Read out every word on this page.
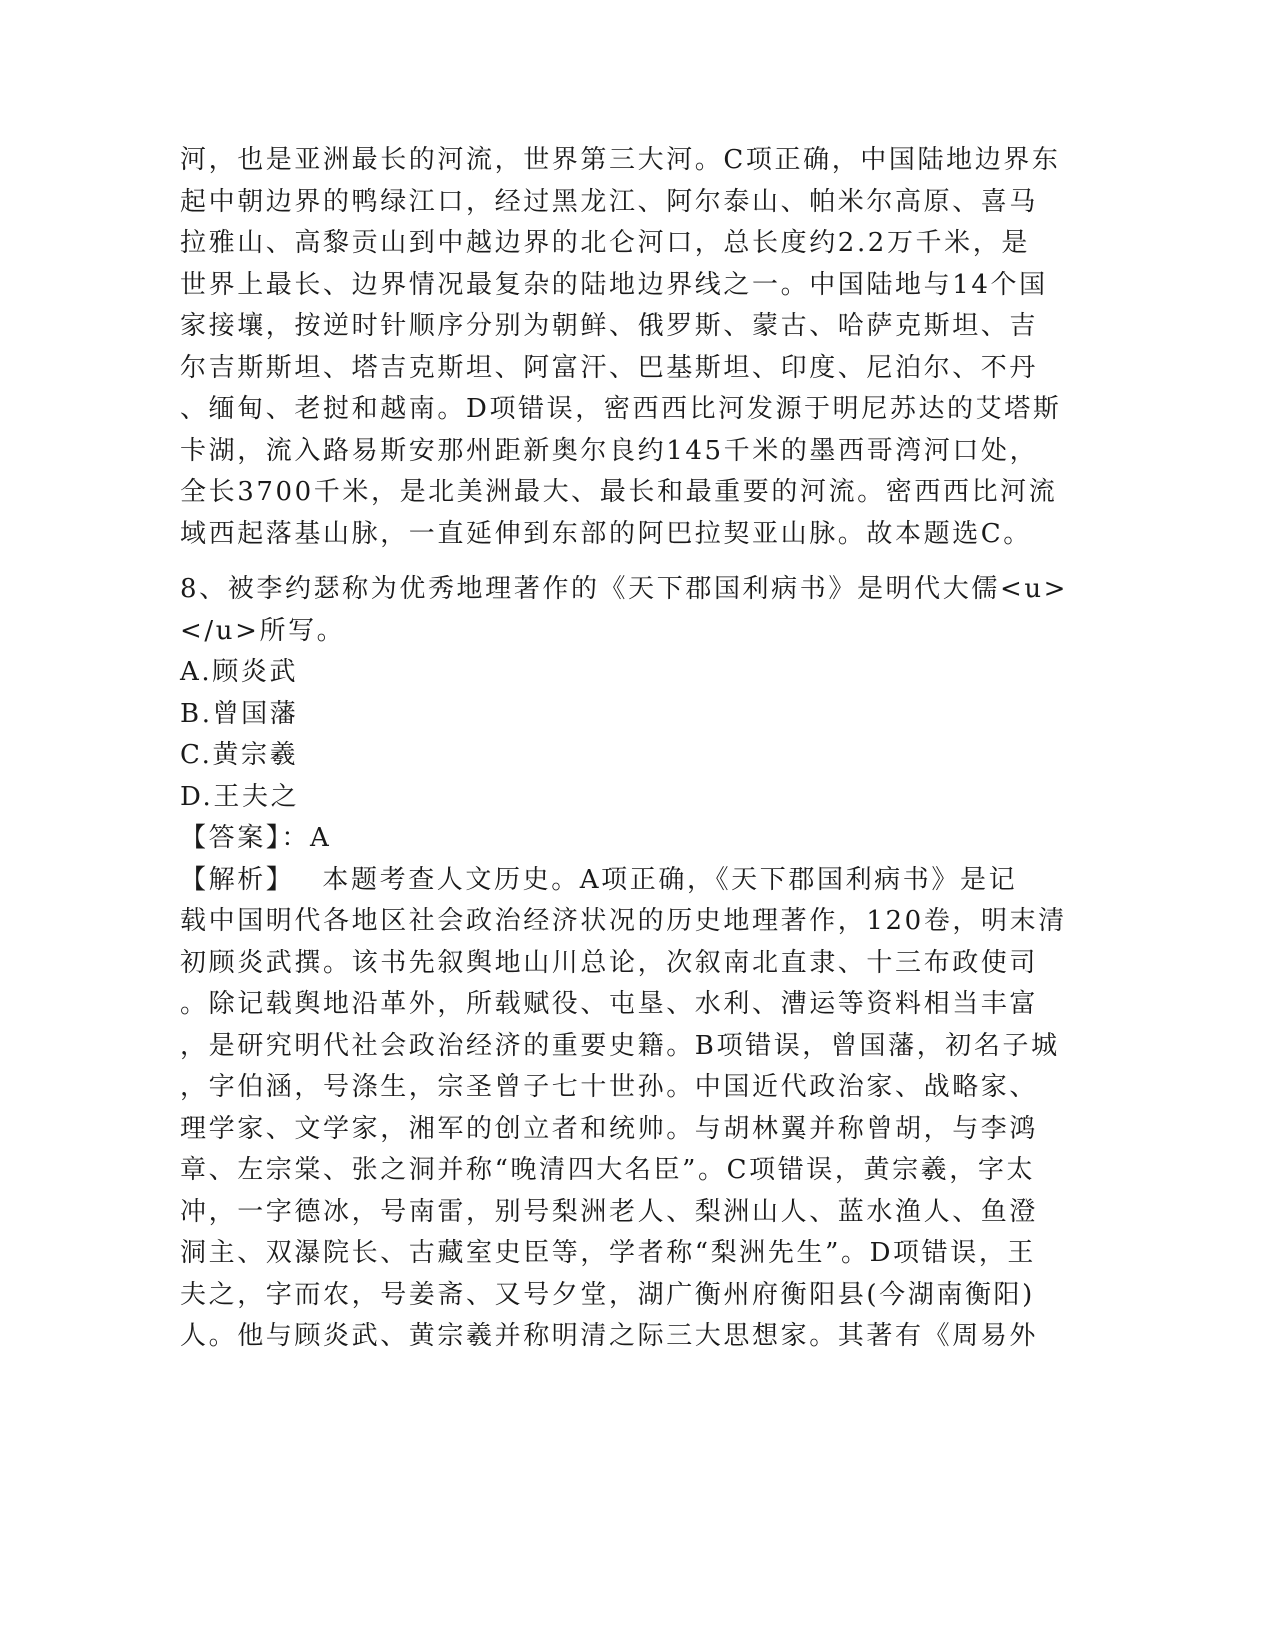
河，也是亚洲最长的河流，世界第三大河。C项正确，中国陆地边界东
起中朝边界的鸭绿江口，经过黑龙江、阿尔泰山、帕米尔高原、喜马
拉雅山、高黎贡山到中越边界的北仑河口，总长度约2.2万千米，是
世界上最长、边界情况最复杂的陆地边界线之一。中国陆地与14个国
家接壤，按逆时针顺序分别为朝鲜、俄罗斯、蒙古、哈萨克斯坦、吉
尔吉斯斯坦、塔吉克斯坦、阿富汗、巴基斯坦、印度、尼泊尔、不丹
、缅甸、老挝和越南。D项错误，密西西比河发源于明尼苏达的艾塔斯
卡湖，流入路易斯安那州距新奥尔良约145千米的墨西哥湾河口处，
全长3700千米，是北美洲最大、最长和最重要的河流。密西西比河流
域西起落基山脉，一直延伸到东部的阿巴拉契亚山脉。故本题选C。
8、被李约瑟称为优秀地理著作的《天下郡国利病书》是明代大儒<u>
</u>所写。
A.顾炎武
B.曾国藩
C.黄宗羲
D.王夫之
【答案】：A
【解析】 本题考查人文历史。A项正确，《天下郡国利病书》是记
载中国明代各地区社会政治经济状况的历史地理著作，120卷，明末清
初顾炎武撰。该书先叙舆地山川总论，次叙南北直隶、十三布政使司
。除记载舆地沿革外，所载赋役、屯垦、水利、漕运等资料相当丰富
，是研究明代社会政治经济的重要史籍。B项错误，曾国藩，初名子城
，字伯涵，号涤生，宗圣曾子七十世孙。中国近代政治家、战略家、
理学家、文学家，湘军的创立者和统帅。与胡林翼并称曾胡，与李鸿
章、左宗棠、张之洞并称“晚清四大名臣”。C项错误，黄宗羲，字太
冲，一字德冰，号南雷，别号梨洲老人、梨洲山人、蓝水渔人、鱼澄
洞主、双瀑院长、古藏室史臣等，学者称“梨洲先生”。D项错误，王
夫之，字而农，号姜斋、又号夕堂，湖广衡州府衡阳县(今湖南衡阳)
人。他与顾炎武、黄宗羲并称明清之际三大思想家。其著有《周易外
